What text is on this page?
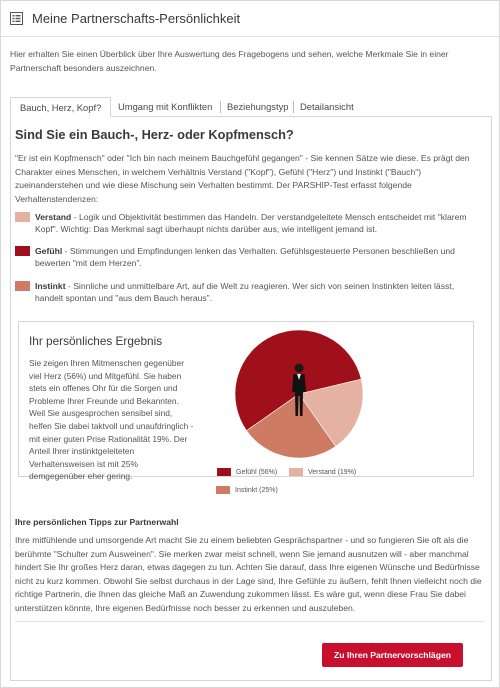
Meine Partnerschafts-Persönlichkeit

Hier erhalten Sie einen Überblick über Ihre Auswertung des Fragebogens und sehen, welche Merkmale Sie in einer Partnerschaft besonders auszeichnen.

Bauch, Herz, Kopf?	Umgang mit Konflikten Beziehungstyp Detailansicht
Sind Sie ein Bauch-, Herz- oder Kopfmensch?

"Er ist ein Kopfmensch" oder "Ich bin nach meinem Bauchgefühl gegangen" - Sie kennen Sätze wie diese. Es prägt den Charakter eines Menschen, in welchem Verhältnis Verstand ("Kopf"), Gefühl ("Herz") und Instinkt ("Bauch") zueinanderstehen und wie diese Mischung sein Verhalten bestimmt. Der PARSHIP-Test erfasst folgende Verhaltenstendenzen:

Verstand - Logik und Objektivität bestimmen das Handeln. Der verstandgeleitete Mensch entscheidet mit "klarem Kopf". Wichtig: Das Merkmal sagt überhaupt nichts darüber aus, wie intelligent jemand ist.
Gefühl - Stimmungen und Empfindungen lenken das Verhalten. Gefühlsgesteuerte Personen beschließen und bewerten "mit dem Herzen".
Instinkt - Sinnliche und unmittelbare Art, auf die Welt zu reagieren. Wer sich von seinen Instinkten leiten lässt, handelt spontan und "aus dem Bauch heraus".
Ihr persönliches Ergebnis

Sie zeigen Ihren Mitmenschen gegenüber viel Herz (56%) und Mitgefühl. Sie haben stets ein offenes Ohr für die Sorgen und Probleme Ihrer Freunde und Bekannten. Weil Sie ausgesprochen sensibel sind, helfen Sie dabei taktvoll und unaufdringlich - mit einer guten Prise Rationalität 19%. Der Anteil Ihrer instinktgeleiteten Verhaltensweisen ist mit 25% demgegenüber eher gering.	Gefühl (56%)	Verstand (19%)
Instinkt (25%)
Ihre persönlichen Tipps zur Partnerwahl

Ihre mitfühlende und umsorgende Art macht Sie zu einem beliebten Gesprächspartner - und so fungieren Sie oft als die berühmte "Schulter zum Ausweinen". Sie merken zwar meist schnell, wenn Sie jemand ausnutzen will - aber manchmal hindert Sie Ihr großes Herz daran, etwas dagegen zu tun. Achten Sie darauf, dass Ihre eigenen Wünsche und Bedürfnisse nicht zu kurz kommen. Obwohl Sie selbst durchaus in der Lage sind, Ihre Gefühle zu äußern, fehlt Ihnen vielleicht noch die richtige Partnerin, die Ihnen das gleiche Maß an Zuwendung zukommen lässt. Es wäre gut, wenn diese Frau Sie dabei unterstützen könnte, Ihre eigenen Bedürfnisse noch besser zu erkennen und auszuleben.

Zu Ihren Partnervorschlägen
